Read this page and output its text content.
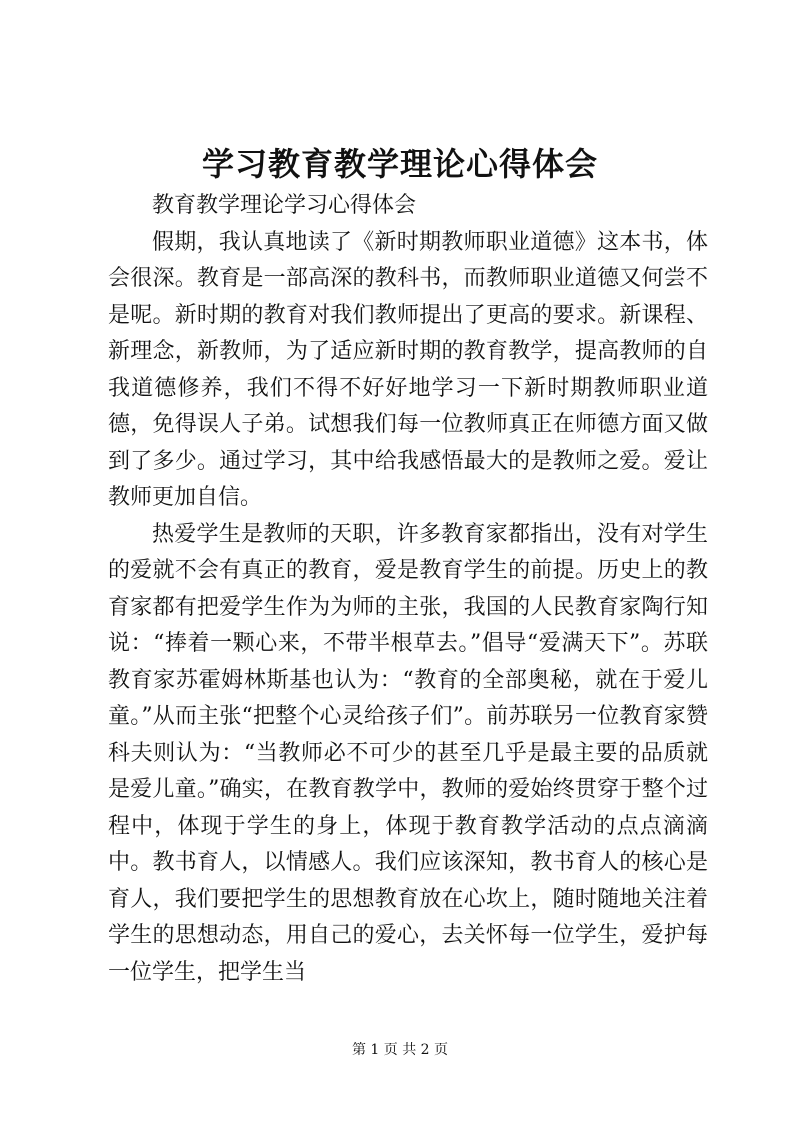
学习教育教学理论心得体会

教育教学理论学习心得体会

假期，我认真地读了《新时期教师职业道德》这本书，体会很深。教育是一部高深的教科书，而教师职业道德又何尝不是呢。新时期的教育对我们教师提出了更高的要求。新课程、新理念，新教师，为了适应新时期的教育教学，提高教师的自我道德修养，我们不得不好好地学习一下新时期教师职业道德，免得误人子弟。试想我们每一位教师真正在师德方面又做到了多少。通过学习，其中给我感悟最大的是教师之爱。爱让教师更加自信。

热爱学生是教师的天职，许多教育家都指出，没有对学生的爱就不会有真正的教育，爱是教育学生的前提。历史上的教育家都有把爱学生作为为师的主张，我国的人民教育家陶行知说：“捧着一颗心来，不带半根草去。”倡导“爱满天下”。苏联教育家苏霍姆林斯基也认为：“教育的全部奥秘，就在于爱儿童。”从而主张“把整个心灵给孩子们”。前苏联另一位教育家赞科夫则认为：“当教师必不可少的甚至几乎是最主要的品质就是爱儿童。”确实，在教育教学中，教师的爱始终贯穿于整个过程中，体现于学生的身上，体现于教育教学活动的点点滴滴中。教书育人，以情感人。我们应该深知，教书育人的核心是育人，我们要把学生的思想教育放在心坎上，随时随地关注着学生的思想动态，用自己的爱心，去关怀每一位学生，爱护每一位学生，把学生当

第 1 页 共 2 页
